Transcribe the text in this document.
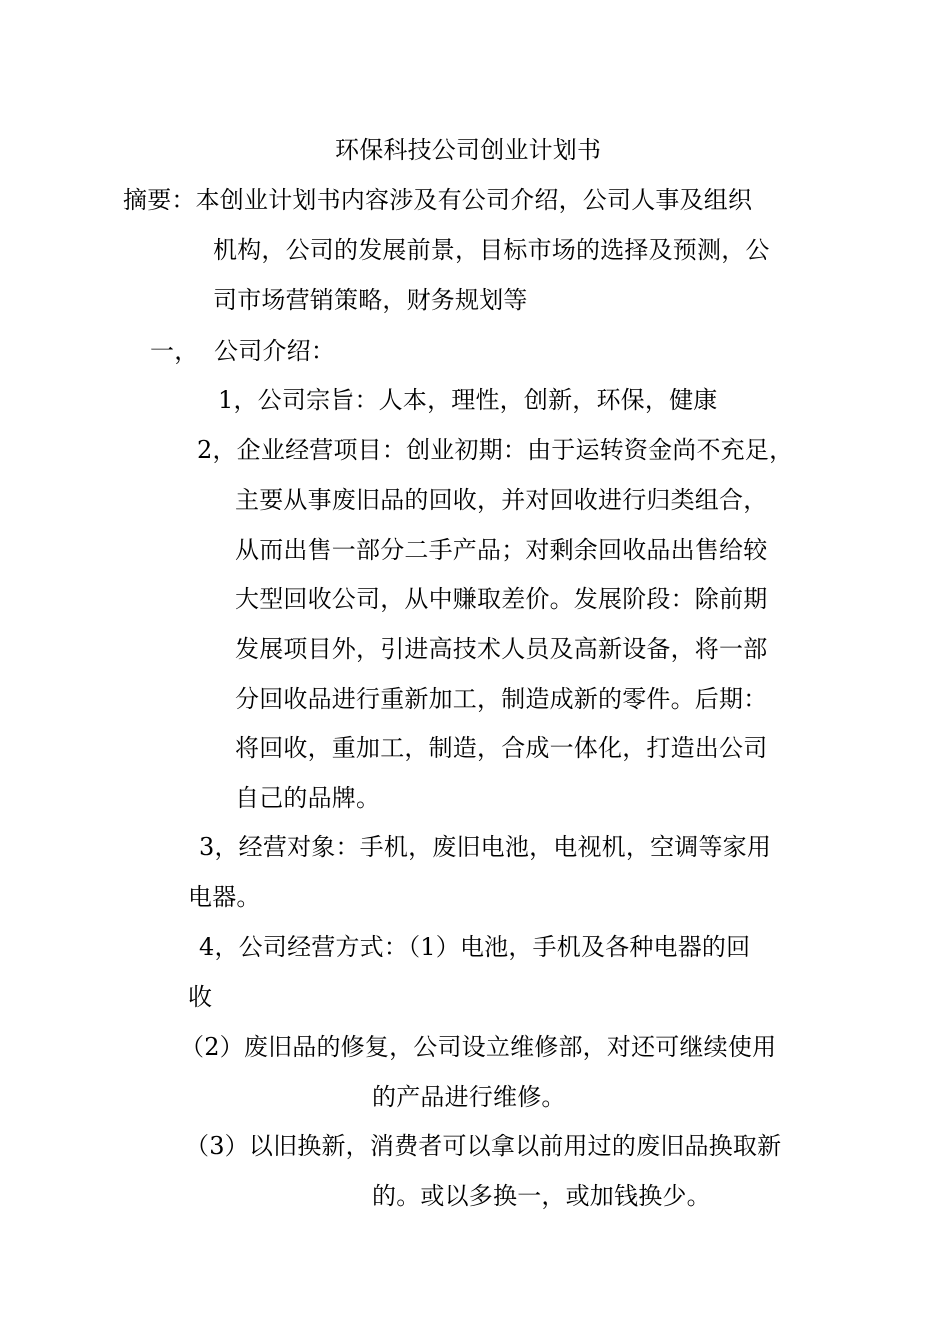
环保科技公司创业计划书
摘要：本创业计划书内容涉及有公司介绍，公司人事及组织
机构，公司的发展前景，目标市场的选择及预测，公
司市场营销策略，财务规划等
一，  公司介绍：
1，公司宗旨：人本，理性，创新，环保，健康
2，企业经营项目：创业初期：由于运转资金尚不充足，
主要从事废旧品的回收，并对回收进行归类组合，
从而出售一部分二手产品；对剩余回收品出售给较
大型回收公司，从中赚取差价。发展阶段：除前期
发展项目外，引进高技术人员及高新设备，将一部
分回收品进行重新加工，制造成新的零件。后期：
将回收，重加工，制造，合成一体化，打造出公司
自己的品牌。
3，经营对象：手机，废旧电池，电视机，空调等家用
电器。
4，公司经营方式：（1）电池，手机及各种电器的回
收
（2）废旧品的修复，公司设立维修部，对还可继续使用
的产品进行维修。
（3）以旧换新，消费者可以拿以前用过的废旧品换取新
的。或以多换一，或加钱换少。
